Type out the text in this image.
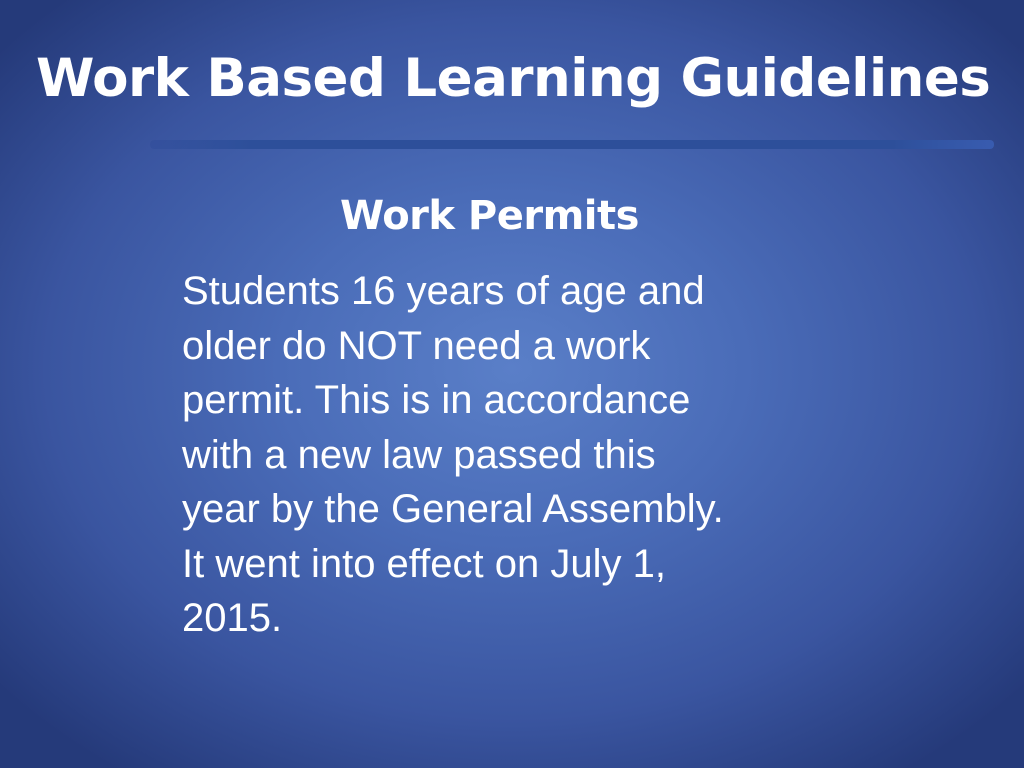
Work Based Learning Guidelines
Work Permits
Students 16 years of age and
older do NOT need a work
permit. This is in accordance
with a new law passed this
year by the General Assembly.
It went into effect on July 1,
2015.
